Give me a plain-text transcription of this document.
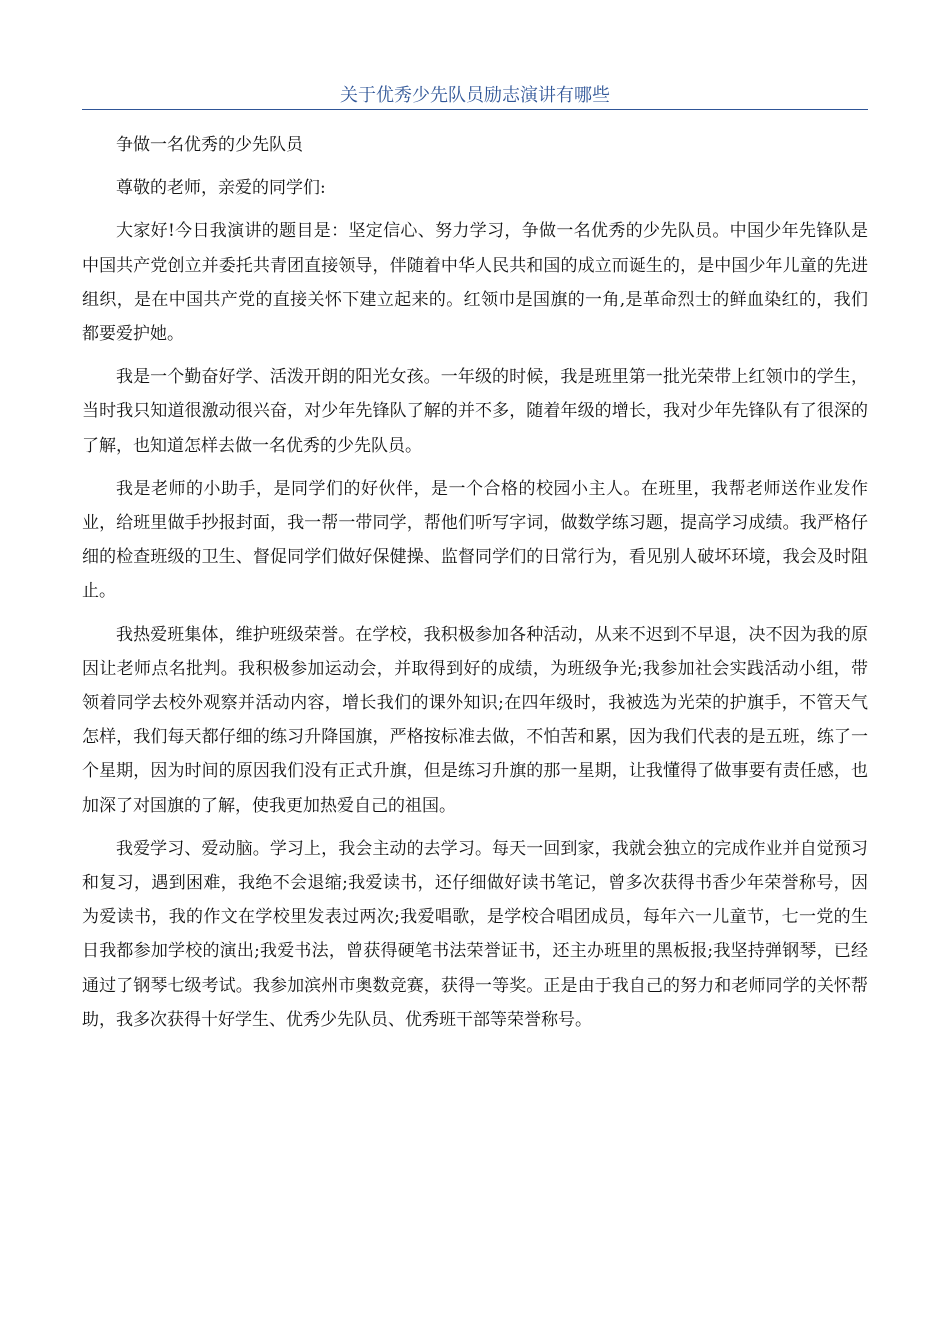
关于优秀少先队员励志演讲有哪些

争做一名优秀的少先队员

尊敬的老师，亲爱的同学们:

大家好!今日我演讲的题目是：坚定信心、努力学习，争做一名优秀的少先队员。中国少年先锋队是中国共产党创立并委托共青团直接领导，伴随着中华人民共和国的成立而诞生的，是中国少年儿童的先进组织，是在中国共产党的直接关怀下建立起来的。红领巾是国旗的一角,是革命烈士的鲜血染红的，我们都要爱护她。

我是一个勤奋好学、活泼开朗的阳光女孩。一年级的时候，我是班里第一批光荣带上红领巾的学生，当时我只知道很激动很兴奋，对少年先锋队了解的并不多，随着年级的增长，我对少年先锋队有了很深的了解，也知道怎样去做一名优秀的少先队员。

我是老师的小助手，是同学们的好伙伴，是一个合格的校园小主人。在班里，我帮老师送作业发作业，给班里做手抄报封面，我一帮一带同学，帮他们听写字词，做数学练习题，提高学习成绩。我严格仔细的检查班级的卫生、督促同学们做好保健操、监督同学们的日常行为，看见别人破坏环境，我会及时阻止。

我热爱班集体，维护班级荣誉。在学校，我积极参加各种活动，从来不迟到不早退，决不因为我的原因让老师点名批判。我积极参加运动会，并取得到好的成绩，为班级争光;我参加社会实践活动小组，带领着同学去校外观察并活动内容，增长我们的课外知识;在四年级时，我被选为光荣的护旗手，不管天气怎样，我们每天都仔细的练习升降国旗，严格按标准去做，不怕苦和累，因为我们代表的是五班，练了一个星期，因为时间的原因我们没有正式升旗，但是练习升旗的那一星期，让我懂得了做事要有责任感，也加深了对国旗的了解，使我更加热爱自己的祖国。

我爱学习、爱动脑。学习上，我会主动的去学习。每天一回到家，我就会独立的完成作业并自觉预习和复习，遇到困难，我绝不会退缩;我爱读书，还仔细做好读书笔记，曾多次获得书香少年荣誉称号，因为爱读书，我的作文在学校里发表过两次;我爱唱歌，是学校合唱团成员，每年六一儿童节，七一党的生日我都参加学校的演出;我爱书法，曾获得硬笔书法荣誉证书，还主办班里的黑板报;我坚持弹钢琴，已经通过了钢琴七级考试。我参加滨州市奥数竞赛，获得一等奖。正是由于我自己的努力和老师同学的关怀帮助，我多次获得十好学生、优秀少先队员、优秀班干部等荣誉称号。
